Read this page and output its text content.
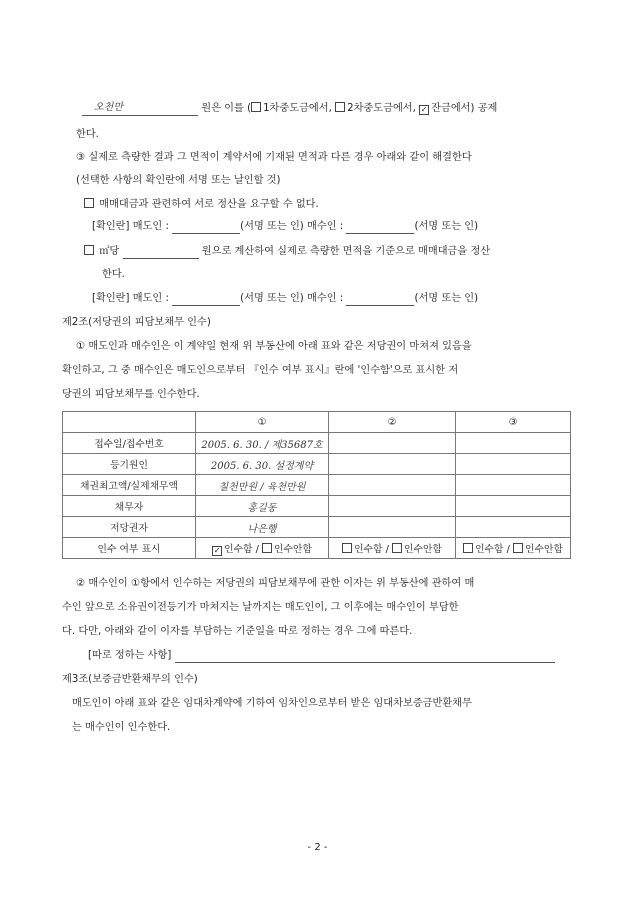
오천만	원은 이를 ( 1차중도금에서, 2차중도금에서, ✓ 잔금에서) 공제
한다.
③ 실제로 측량한 결과 그 면적이 계약서에 기재된 면적과 다른 경우 아래와 같이 해결한다
(선택한 사항의 확인란에 서명 또는 날인할 것)
매매대금과 관련하여 서로 정산을 요구할 수 없다.
[확인란] 매도인 :	(서명 또는 인) 매수인 :	(서명 또는 인)
㎡당	원으로 계산하여 실제로 측량한 면적을 기준으로 매매대금을 정산
한다.
[확인란] 매도인 :	(서명 또는 인) 매수인 :	(서명 또는 인)
제2조(저당권의 피담보채무 인수)
① 매도인과 매수인은 이 계약일 현재 위 부동산에 아래 표와 같은 저당권이 마쳐져 있음을
확인하고, 그 중 매수인은 매도인으로부터 『인수 여부 표시』란에 '인수함'으로 표시한 저
당권의 피담보채무를 인수한다.
	①	②	③
접수일/접수번호	2005. 6. 30. / 제35687호		
등기원인	2005. 6. 30. 설정계약		
채권최고액/실제채무액	칠천만원 / 육천만원		
채무자	홍길동		
저당권자	나은행		
인수 여부 표시	✓ 인수함 / 인수안함	인수함 / 인수안함	인수함 / 인수안함
② 매수인이 ①항에서 인수하는 저당권의 피담보채무에 관한 이자는 위 부동산에 관하여 매
수인 앞으로 소유권이전등기가 마쳐지는 날까지는 매도인이, 그 이후에는 매수인이 부담한
다. 다만, 아래와 같이 이자를 부담하는 기준일을 따로 정하는 경우 그에 따른다.
[따로 정하는 사항]
제3조(보증금반환채무의 인수)
매도인이 아래 표와 같은 임대차계약에 기하여 임차인으로부터 받은 임대차보증금반환채무
는 매수인이 인수한다.
- 2 -
